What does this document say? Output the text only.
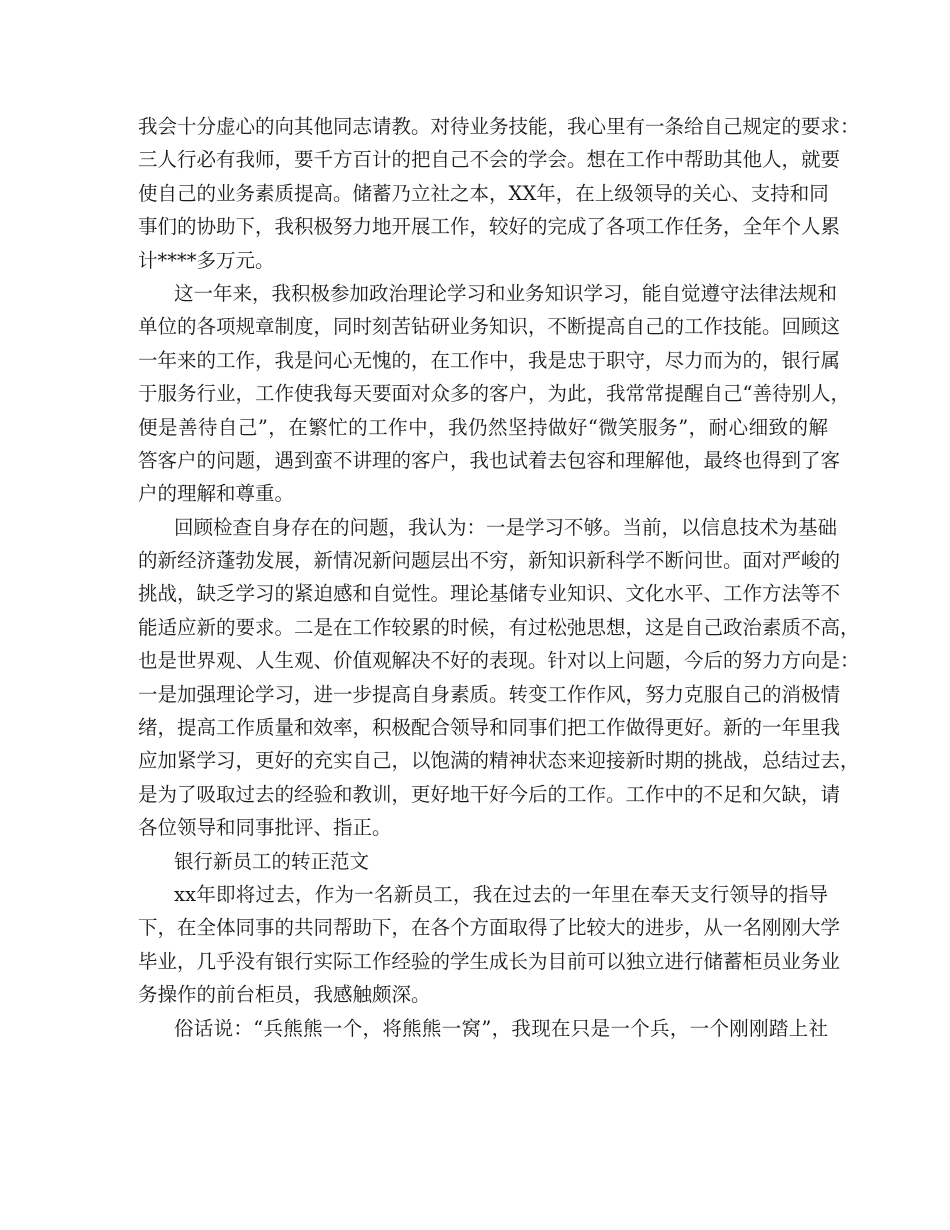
我会十分虚心的向其他同志请教。对待业务技能，我心里有一条给自己规定的要求：
三人行必有我师，要千方百计的把自己不会的学会。想在工作中帮助其他人，就要
使自己的业务素质提高。储蓄乃立社之本，XX年，在上级领导的关心、支持和同
事们的协助下，我积极努力地开展工作，较好的完成了各项工作任务，全年个人累
计****多万元。
这一年来，我积极参加政治理论学习和业务知识学习，能自觉遵守法律法规和
单位的各项规章制度，同时刻苦钻研业务知识，不断提高自己的工作技能。回顾这
一年来的工作，我是问心无愧的，在工作中，我是忠于职守，尽力而为的，银行属
于服务行业，工作使我每天要面对众多的客户，为此，我常常提醒自己“善待别人，
便是善待自己”，在繁忙的工作中，我仍然坚持做好“微笑服务”，耐心细致的解
答客户的问题，遇到蛮不讲理的客户，我也试着去包容和理解他，最终也得到了客
户的理解和尊重。
回顾检查自身存在的问题，我认为：一是学习不够。当前，以信息技术为基础
的新经济蓬勃发展，新情况新问题层出不穷，新知识新科学不断问世。面对严峻的
挑战，缺乏学习的紧迫感和自觉性。理论基储专业知识、文化水平、工作方法等不
能适应新的要求。二是在工作较累的时候，有过松弛思想，这是自己政治素质不高，
也是世界观、人生观、价值观解决不好的表现。针对以上问题，今后的努力方向是：
一是加强理论学习，进一步提高自身素质。转变工作作风，努力克服自己的消极情
绪，提高工作质量和效率，积极配合领导和同事们把工作做得更好。新的一年里我
应加紧学习，更好的充实自己，以饱满的精神状态来迎接新时期的挑战，总结过去，
是为了吸取过去的经验和教训，更好地干好今后的工作。工作中的不足和欠缺，请
各位领导和同事批评、指正。
银行新员工的转正范文
xx年即将过去，作为一名新员工，我在过去的一年里在奉天支行领导的指导
下，在全体同事的共同帮助下，在各个方面取得了比较大的进步，从一名刚刚大学
毕业，几乎没有银行实际工作经验的学生成长为目前可以独立进行储蓄柜员业务业
务操作的前台柜员，我感触颇深。
俗话说：“兵熊熊一个，将熊熊一窝”，我现在只是一个兵，一个刚刚踏上社
